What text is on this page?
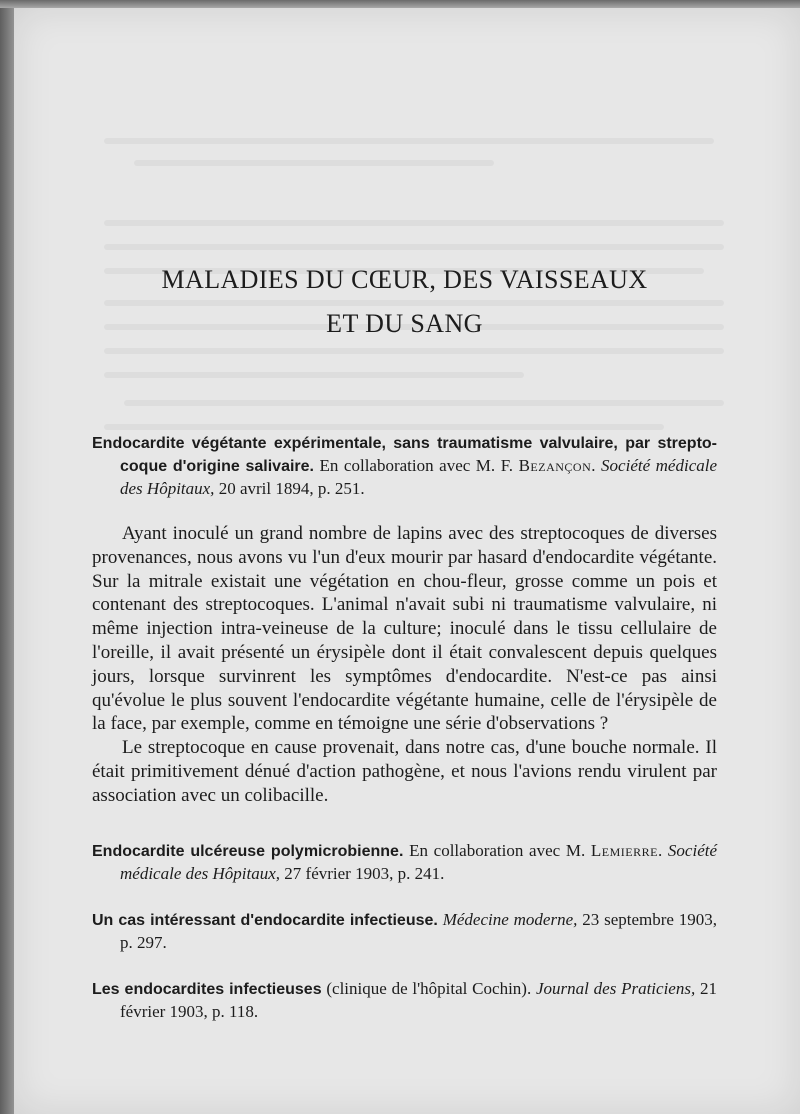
MALADIES DU CŒUR, DES VAISSEAUX
ET DU SANG

Endocardite végétante expérimentale, sans traumatisme valvulaire, par strepto-coque d'origine salivaire. En collaboration avec M. F. Bezançon. Société médicale des Hôpitaux, 20 avril 1894, p. 251.

Ayant inoculé un grand nombre de lapins avec des streptocoques de diverses provenances, nous avons vu l'un d'eux mourir par hasard d'endocardite végétante. Sur la mitrale existait une végétation en chou-fleur, grosse comme un pois et contenant des streptocoques. L'animal n'avait subi ni traumatisme valvulaire, ni même injection intra-veineuse de la culture; inoculé dans le tissu cellulaire de l'oreille, il avait présenté un érysipèle dont il était convalescent depuis quelques jours, lorsque survinrent les symptômes d'endocardite. N'est-ce pas ainsi qu'évolue le plus souvent l'endocardite végétante humaine, celle de l'érysipèle de la face, par exemple, comme en témoigne une série d'observations ?

Le streptocoque en cause provenait, dans notre cas, d'une bouche normale. Il était primitivement dénué d'action pathogène, et nous l'avions rendu virulent par association avec un colibacille.

Endocardite ulcéreuse polymicrobienne. En collaboration avec M. Lemierre. Société médicale des Hôpitaux, 27 février 1903, p. 241.

Un cas intéressant d'endocardite infectieuse. Médecine moderne, 23 septembre 1903, p. 297.

Les endocardites infectieuses (clinique de l'hôpital Cochin). Journal des Praticiens, 21 février 1903, p. 118.
